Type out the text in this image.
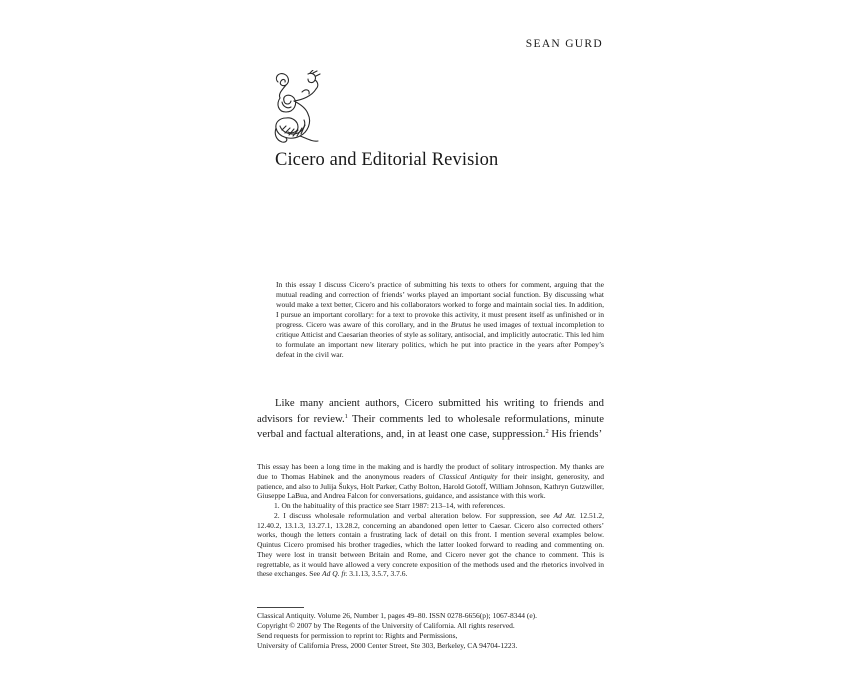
SEAN GURD
Cicero and Editorial Revision

In this essay I discuss Cicero’s practice of submitting his texts to others for comment, arguing that the mutual reading and correction of friends’ works played an important social function. By discussing what would make a text better, Cicero and his collaborators worked to forge and maintain social ties. In addition, I pursue an important corollary: for a text to provoke this activity, it must present itself as unfinished or in progress. Cicero was aware of this corollary, and in the Brutus he used images of textual incompletion to critique Atticist and Caesarian theories of style as solitary, antisocial, and implicitly autocratic. This led him to formulate an important new literary politics, which he put into practice in the years after Pompey’s defeat in the civil war.

Like many ancient authors, Cicero submitted his writing to friends and advisors for review.$^1$ Their comments led to wholesale reformulations, minute verbal and factual alterations, and, in at least one case, suppression.$^2$ His friends’

This essay has been a long time in the making and is hardly the product of solitary introspection. My thanks are due to Thomas Habinek and the anonymous readers of Classical Antiquity for their insight, generosity, and patience, and also to Julija Šukys, Holt Parker, Cathy Bolton, Harold Gotoff, William Johnson, Kathryn Gutzwiller, Giuseppe LaBua, and Andrea Falcon for conversations, guidance, and assistance with this work.

1. On the habituality of this practice see Starr 1987: 213–14, with references.

2. I discuss wholesale reformulation and verbal alteration below. For suppression, see Ad Att. 12.51.2, 12.40.2, 13.1.3, 13.27.1, 13.28.2, concerning an abandoned open letter to Caesar. Cicero also corrected others’ works, though the letters contain a frustrating lack of detail on this front. I mention several examples below. Quintus Cicero promised his brother tragedies, which the latter looked forward to reading and commenting on. They were lost in transit between Britain and Rome, and Cicero never got the chance to comment. This is regrettable, as it would have allowed a very concrete exposition of the methods used and the rhetorics involved in these exchanges. See Ad Q. fr. 3.1.13, 3.5.7, 3.7.6.

Classical Antiquity. Volume 26, Number 1, pages 49–80. ISSN 0278-6656(p); 1067-8344 (e).
Copyright © 2007 by The Regents of the University of California. All rights reserved.
Send requests for permission to reprint to: Rights and Permissions,
University of California Press, 2000 Center Street, Ste 303, Berkeley, CA 94704-1223.
